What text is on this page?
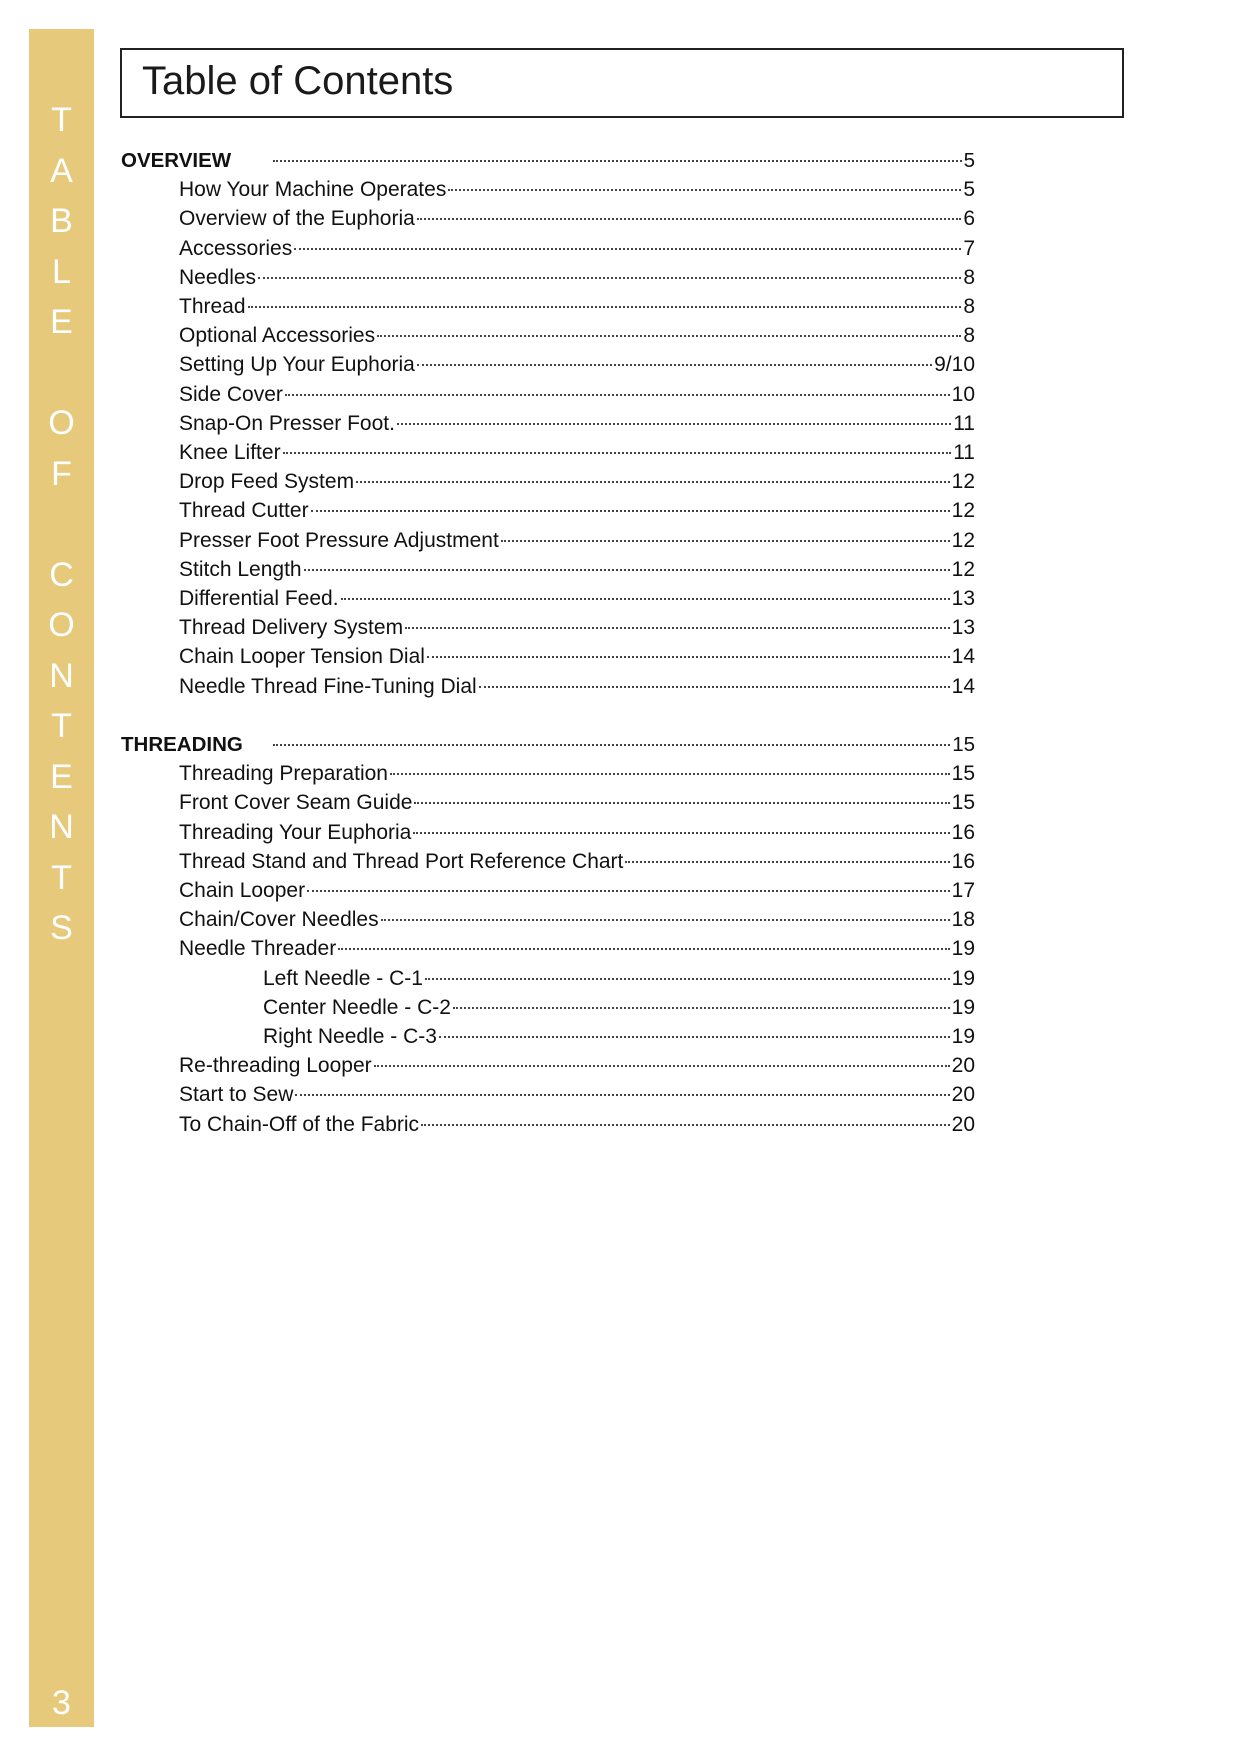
T
A
B
L
E
O
F
C
O
N
T
E
N
T
S
3
Table of Contents
OVERVIEW	5
How Your Machine Operates	5
Overview of the Euphoria	6
Accessories	7
Needles	8
Thread	8
Optional Accessories	8
Setting Up Your Euphoria	9/10
Side Cover	10
Snap-On Presser Foot.	11
Knee Lifter	11
Drop Feed System	12
Thread Cutter	12
Presser Foot Pressure Adjustment	12
Stitch Length	12
Differential Feed.	13
Thread Delivery System	13
Chain Looper Tension Dial	14
Needle Thread Fine-Tuning Dial	14
THREADING	15
Threading Preparation	15
Front Cover Seam Guide	15
Threading Your Euphoria	16
Thread Stand and Thread Port Reference Chart	16
Chain Looper	17
Chain/Cover Needles	18
Needle Threader	19
Left Needle - C-1	19
Center Needle - C-2	19
Right Needle - C-3	19
Re-threading Looper	20
Start to Sew	20
To Chain-Off of the Fabric	20
